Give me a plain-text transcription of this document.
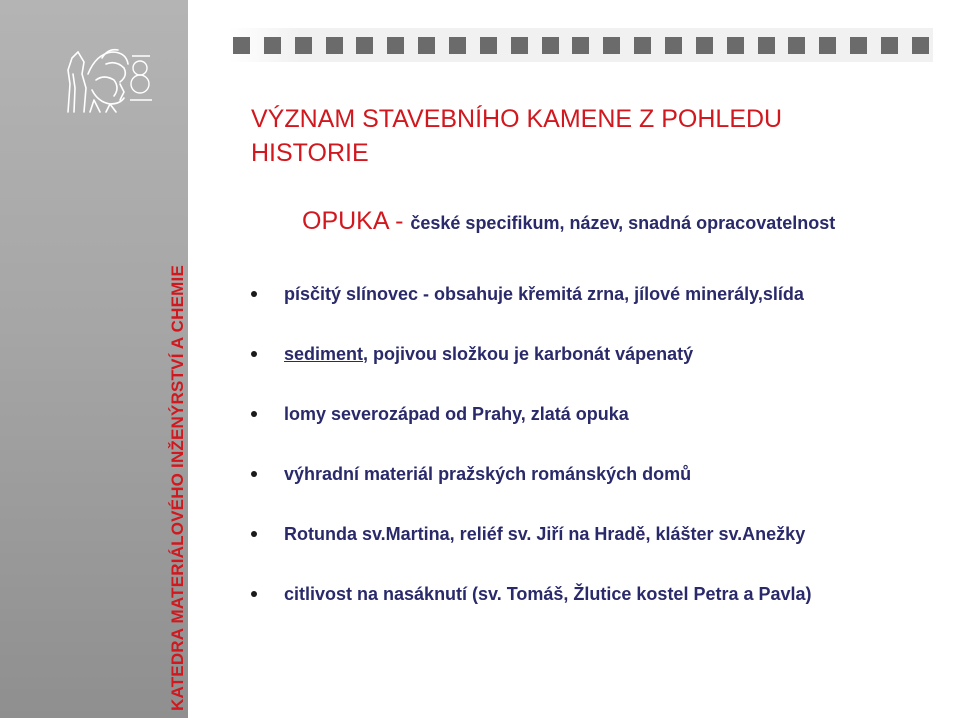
KATEDRA MATERIÁLOVÉHO INŽENÝRSTVÍ A CHEMIE
VÝZNAM STAVEBNÍHO KAMENE Z POHLEDU
HISTORIE
OPUKA - české specifikum, název, snadná opracovatelnost
písčitý slínovec - obsahuje křemitá zrna, jílové minerály,slída
sediment , pojivou složkou je karbonát vápenatý
lomy severozápad od Prahy, zlatá opuka
výhradní materiál pražských románských domů
Rotunda sv.Martina, reliéf sv. Jiří na Hradě, klášter sv.Anežky
citlivost na nasáknutí (sv. Tomáš, Žlutice kostel Petra a Pavla)
